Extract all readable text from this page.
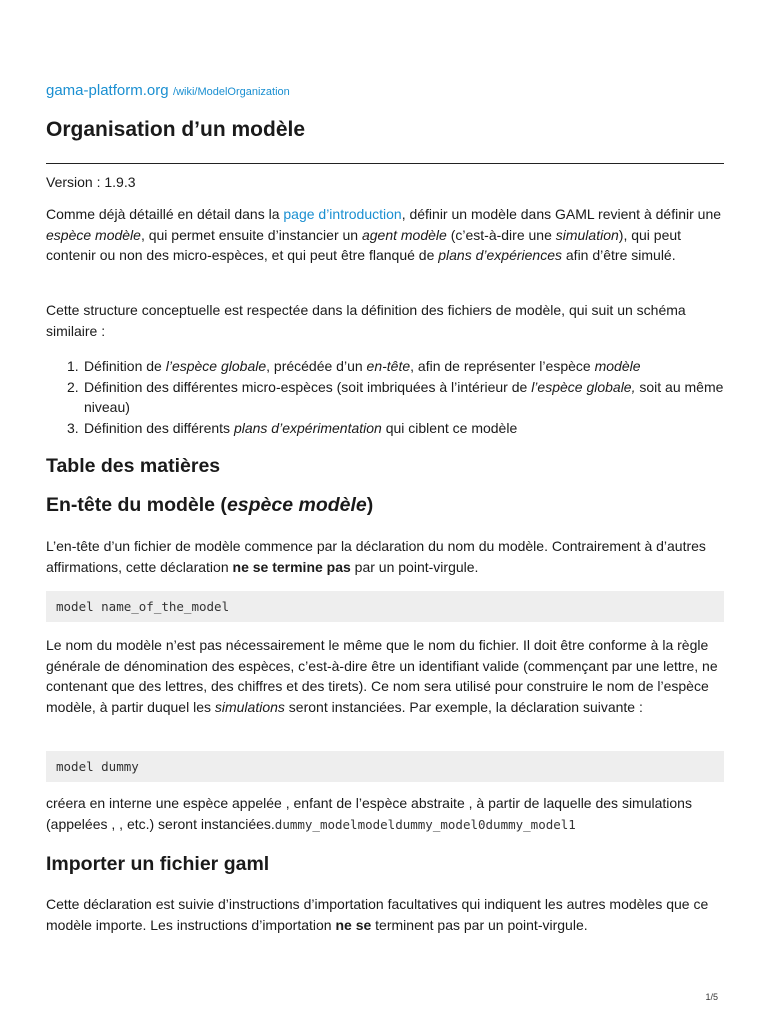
gama-platform.org /wiki/ModelOrganization
Organisation d’un modèle

Version : 1.9.3

Comme déjà détaillé en détail dans la page d’introduction, définir un modèle dans GAML revient à définir une espèce modèle, qui permet ensuite d’instancier un agent modèle (c’est-à-dire une simulation), qui peut contenir ou non des micro-espèces, et qui peut être flanqué de plans d’expériences afin d’être simulé.

Cette structure conceptuelle est respectée dans la définition des fichiers de modèle, qui suit un schéma similaire :

1. Définition de l’espèce globale, précédée d’un en-tête, afin de représenter l’espèce modèle
2. Définition des différentes micro-espèces (soit imbriquées à l’intérieur de l’espèce globale, soit au même niveau)
3. Définition des différents plans d’expérimentation qui ciblent ce modèle
Table des matières
En-tête du modèle (espèce modèle)

L’en-tête d’un fichier de modèle commence par la déclaration du nom du modèle. Contrairement à d’autres affirmations, cette déclaration ne se termine pas par un point-virgule.

model name_of_the_model

Le nom du modèle n’est pas nécessairement le même que le nom du fichier. Il doit être conforme à la règle générale de dénomination des espèces, c’est-à-dire être un identifiant valide (commençant par une lettre, ne contenant que des lettres, des chiffres et des tirets). Ce nom sera utilisé pour construire le nom de l’espèce modèle, à partir duquel les simulations seront instanciées. Par exemple, la déclaration suivante :

model dummy

créera en interne une espèce appelée , enfant de l’espèce abstraite , à partir de laquelle des simulations (appelées , , etc.) seront instanciées.dummy_modelmodeldummy_model0dummy_model1

Importer un fichier gaml

Cette déclaration est suivie d’instructions d’importation facultatives qui indiquent les autres modèles que ce modèle importe. Les instructions d’importation ne se terminent pas par un point-virgule.

1/5
